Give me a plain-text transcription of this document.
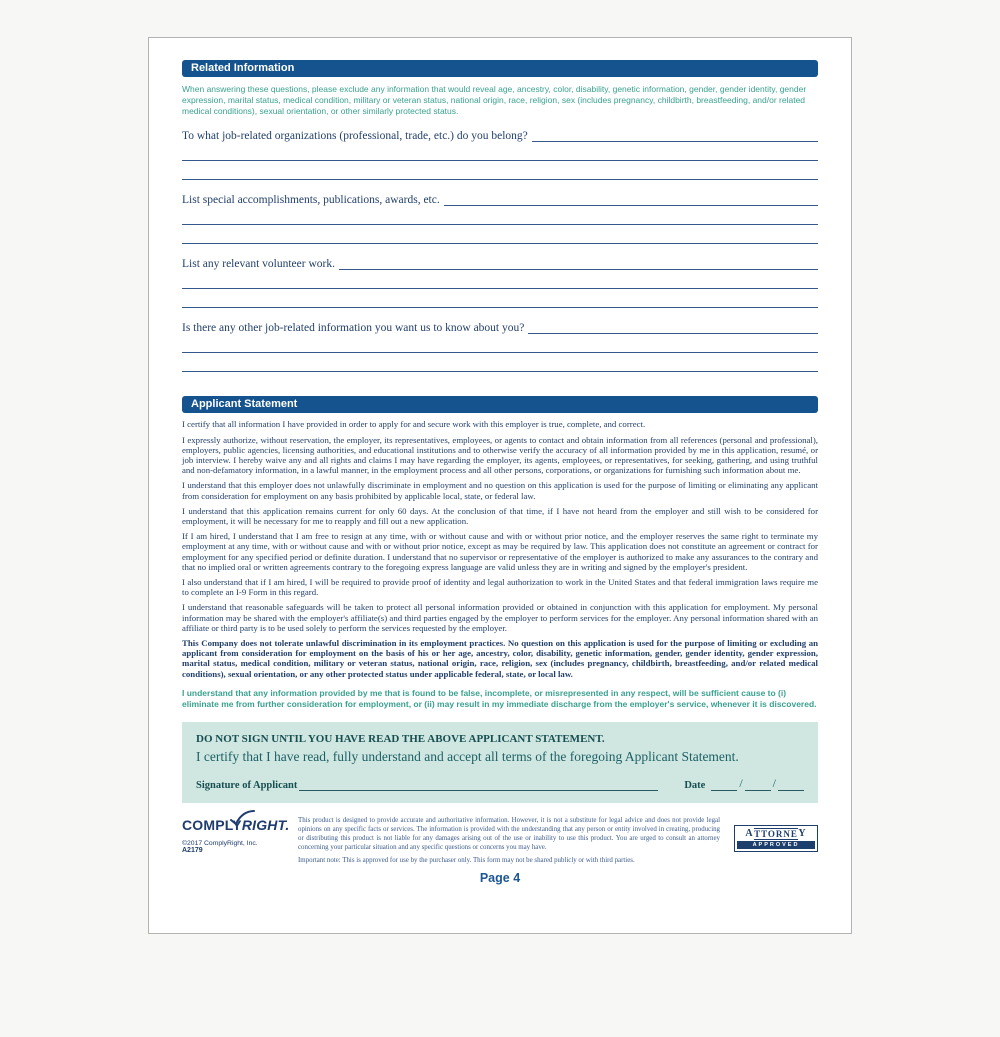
Related Information

When answering these questions, please exclude any information that would reveal age, ancestry, color, disability, genetic information, gender, gender identity, gender expression, marital status, medical condition, military or veteran status, national origin, race, religion, sex (includes pregnancy, childbirth, breastfeeding, and/or related medical conditions), sexual orientation, or other similarly protected status.

To what job-related organizations (professional, trade, etc.) do you belong?
List special accomplishments, publications, awards, etc.
List any relevant volunteer work.
Is there any other job-related information you want us to know about you?
Applicant Statement

I certify that all information I have provided in order to apply for and secure work with this employer is true, complete, and correct.

I expressly authorize, without reservation, the employer, its representatives, employees, or agents to contact and obtain information from all references (personal and professional), employers, public agencies, licensing authorities, and educational institutions and to otherwise verify the accuracy of all information provided by me in this application, resumé, or job interview. I hereby waive any and all rights and claims I may have regarding the employer, its agents, employees, or representatives, for seeking, gathering, and using truthful and non-defamatory information, in a lawful manner, in the employment process and all other persons, corporations, or organizations for furnishing such information about me.

I understand that this employer does not unlawfully discriminate in employment and no question on this application is used for the purpose of limiting or eliminating any applicant from consideration for employment on any basis prohibited by applicable local, state, or federal law.

I understand that this application remains current for only 60 days. At the conclusion of that time, if I have not heard from the employer and still wish to be considered for employment, it will be necessary for me to reapply and fill out a new application.

If I am hired, I understand that I am free to resign at any time, with or without cause and with or without prior notice, and the employer reserves the same right to terminate my employment at any time, with or without cause and with or without prior notice, except as may be required by law. This application does not constitute an agreement or contract for employment for any specified period or definite duration. I understand that no supervisor or representative of the employer is authorized to make any assurances to the contrary and that no implied oral or written agreements contrary to the foregoing express language are valid unless they are in writing and signed by the employer's president.

I also understand that if I am hired, I will be required to provide proof of identity and legal authorization to work in the United States and that federal immigration laws require me to complete an I-9 Form in this regard.

I understand that reasonable safeguards will be taken to protect all personal information provided or obtained in conjunction with this application for employment. My personal information may be shared with the employer's affiliate(s) and third parties engaged by the employer to perform services for the employer. Any personal information shared with an affiliate or third party is to be used solely to perform the services requested by the employer.

This Company does not tolerate unlawful discrimination in its employment practices. No question on this application is used for the purpose of limiting or excluding an applicant from consideration for employment on the basis of his or her age, ancestry, color, disability, genetic information, gender, gender identity, gender expression, marital status, medical condition, military or veteran status, national origin, race, religion, sex (includes pregnancy, childbirth, breastfeeding, and/or related medical conditions), sexual orientation, or any other protected status under applicable federal, state, or local law.

I understand that any information provided by me that is found to be false, incomplete, or misrepresented in any respect, will be sufficient cause to (i) eliminate me from further consideration for employment, or (ii) may result in my immediate discharge from the employer's service, whenever it is discovered.

DO NOT SIGN UNTIL YOU HAVE READ THE ABOVE APPLICANT STATEMENT.
I certify that I have read, fully understand and accept all terms of the foregoing Applicant Statement.
Signature of Applicant	Date	/	/
COMPLYRIGHT.
©2017 ComplyRight, Inc.
A2179
This product is designed to provide accurate and authoritative information. However, it is not a substitute for legal advice and does not provide legal opinions on any specific facts or services. The information is provided with the understanding that any person or entity involved in creating, producing or distributing this product is not liable for any damages arising out of the use or inability to use this product. You are urged to consult an attorney concerning your particular situation and any specific questions or concerns you may have.
Important note: This is approved for use by the purchaser only. This form may not be shared publicly or with third parties.
A TTORNE Y
APPROVED
Page 4
